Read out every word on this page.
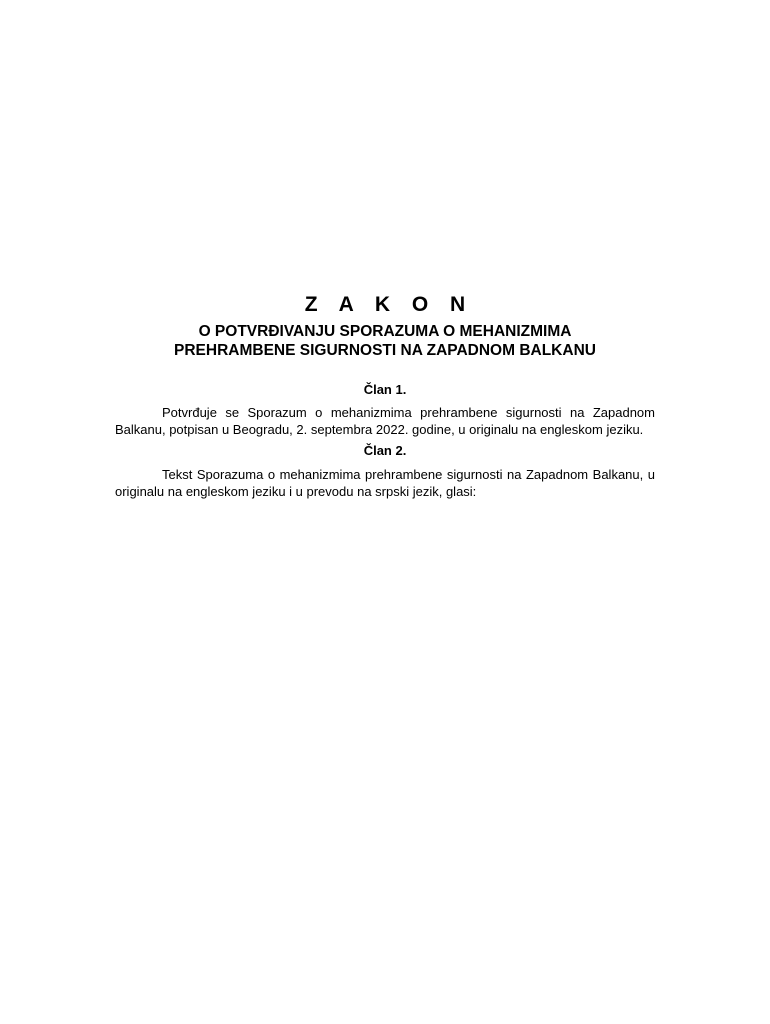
Z A K O N
O POTVRĐIVANJU SPORAZUMA O MEHANIZMIMA PREHRAMBENE SIGURNOSTI NA ZAPADNOM BALKANU
Član 1.

Potvrđuje se Sporazum o mehanizmima prehrambene sigurnosti na Zapadnom Balkanu, potpisan u Beogradu, 2. septembra 2022. godine, u originalu na engleskom jeziku.

Član 2.

Tekst Sporazuma o mehanizmima prehrambene sigurnosti na Zapadnom Balkanu, u originalu na engleskom jeziku i u prevodu na srpski jezik, glasi:
